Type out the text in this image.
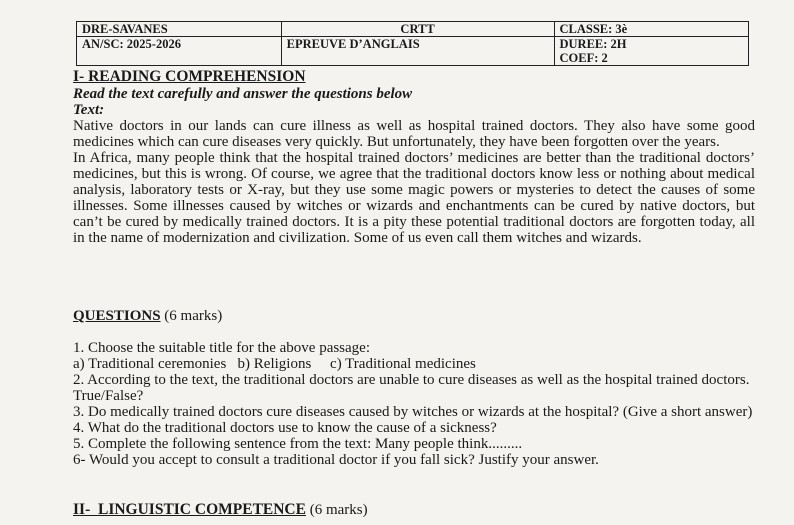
DRE-SAVANES	CRTT	CLASSE: 3è
AN/SC: 2025-2026	EPREUVE D’ANGLAIS	DUREE: 2H
COEF: 2
I- READING COMPREHENSION
Read the text carefully and answer the questions below
Text:

Native doctors in our lands can cure illness as well as hospital trained doctors. They also have some good medicines which can cure diseases very quickly. But unfortunately, they have been forgotten over the years.

In Africa, many people think that the hospital trained doctors’ medicines are better than the traditional doctors’ medicines, but this is wrong. Of course, we agree that the traditional doctors know less or nothing about medical analysis, laboratory tests or X-ray, but they use some magic powers or mysteries to detect the causes of some illnesses. Some illnesses caused by witches or wizards and enchantments can be cured by native doctors, but can’t be cured by medically trained doctors. It is a pity these potential traditional doctors are forgotten today, all in the name of modernization and civilization. Some of us even call them witches and wizards.

QUESTIONS (6 marks)

1. Choose the suitable title for the above passage:

a) Traditional ceremonies   b) Religions     c) Traditional medicines

2. According to the text, the traditional doctors are unable to cure diseases as well as the hospital trained doctors. True/False?

3. Do medically trained doctors cure diseases caused by witches or wizards at the hospital? (Give a short answer)

4. What do the traditional doctors use to know the cause of a sickness?

5. Complete the following sentence from the text: Many people think.........

6- Would you accept to consult a traditional doctor if you fall sick? Justify your answer.

II-  LINGUISTIC COMPETENCE (6 marks)
